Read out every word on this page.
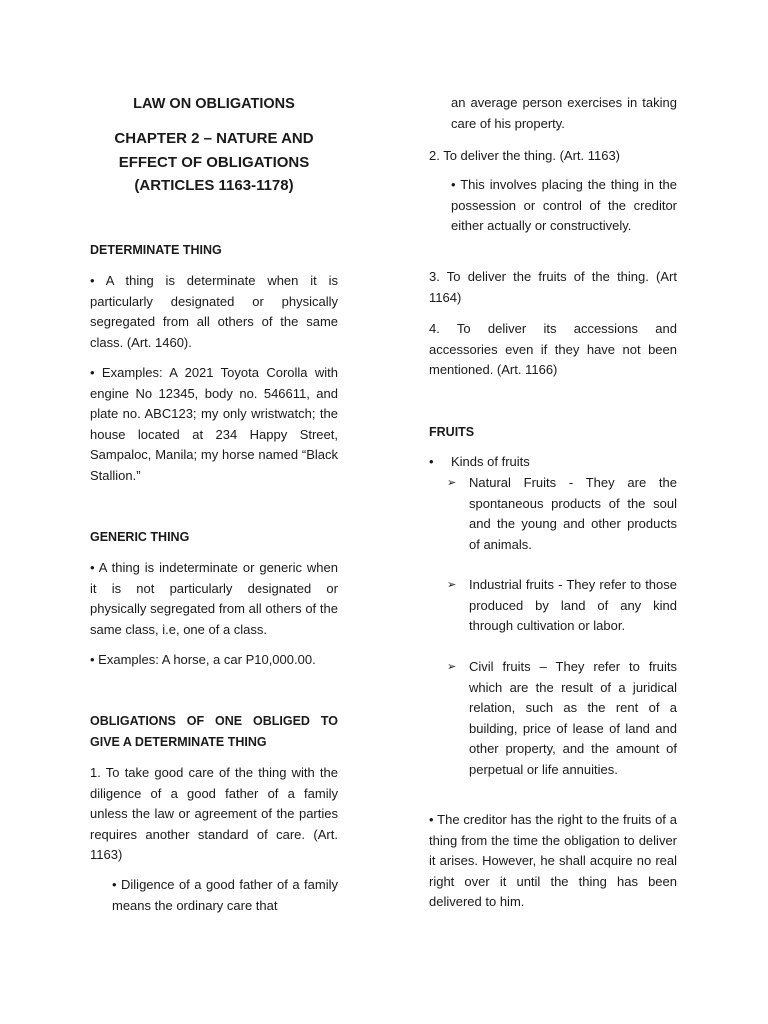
LAW ON OBLIGATIONS
CHAPTER 2 – NATURE AND
EFFECT OF OBLIGATIONS
(ARTICLES 1163-1178)
DETERMINATE THING

• A thing is determinate when it is particularly designated or physically segregated from all others of the same class. (Art. 1460).

• Examples: A 2021 Toyota Corolla with engine No 12345, body no. 546611, and plate no. ABC123; my only wristwatch; the house located at 234 Happy Street, Sampaloc, Manila; my horse named “Black Stallion.”

GENERIC THING

• A thing is indeterminate or generic when it is not particularly designated or physically segregated from all others of the same class, i.e, one of a class.

• Examples: A horse, a car P10,000.00.

OBLIGATIONS OF ONE OBLIGED TO GIVE A DETERMINATE THING

1. To take good care of the thing with the diligence of a good father of a family unless the law or agreement of the parties requires another standard of care. (Art. 1163)

• Diligence of a good father of a family means the ordinary care that

an average person exercises in taking care of his property.

2. To deliver the thing. (Art. 1163)

• This involves placing the thing in the possession or control of the creditor either actually or constructively.

3. To deliver the fruits of the thing. (Art 1164)

4. To deliver its accessions and accessories even if they have not been mentioned. (Art. 1166)

FRUITS
• Kinds of fruits
➢ Natural Fruits - They are the spontaneous products of the soul and the young and other products of animals.

➢ Industrial fruits - They refer to those produced by land of any kind through cultivation or labor.

➢ Civil fruits – They refer to fruits which are the result of a juridical relation, such as the rent of a building, price of lease of land and other property, and the amount of perpetual or life annuities.

• The creditor has the right to the fruits of a thing from the time the obligation to deliver it arises. However, he shall acquire no real right over it until the thing has been delivered to him.
